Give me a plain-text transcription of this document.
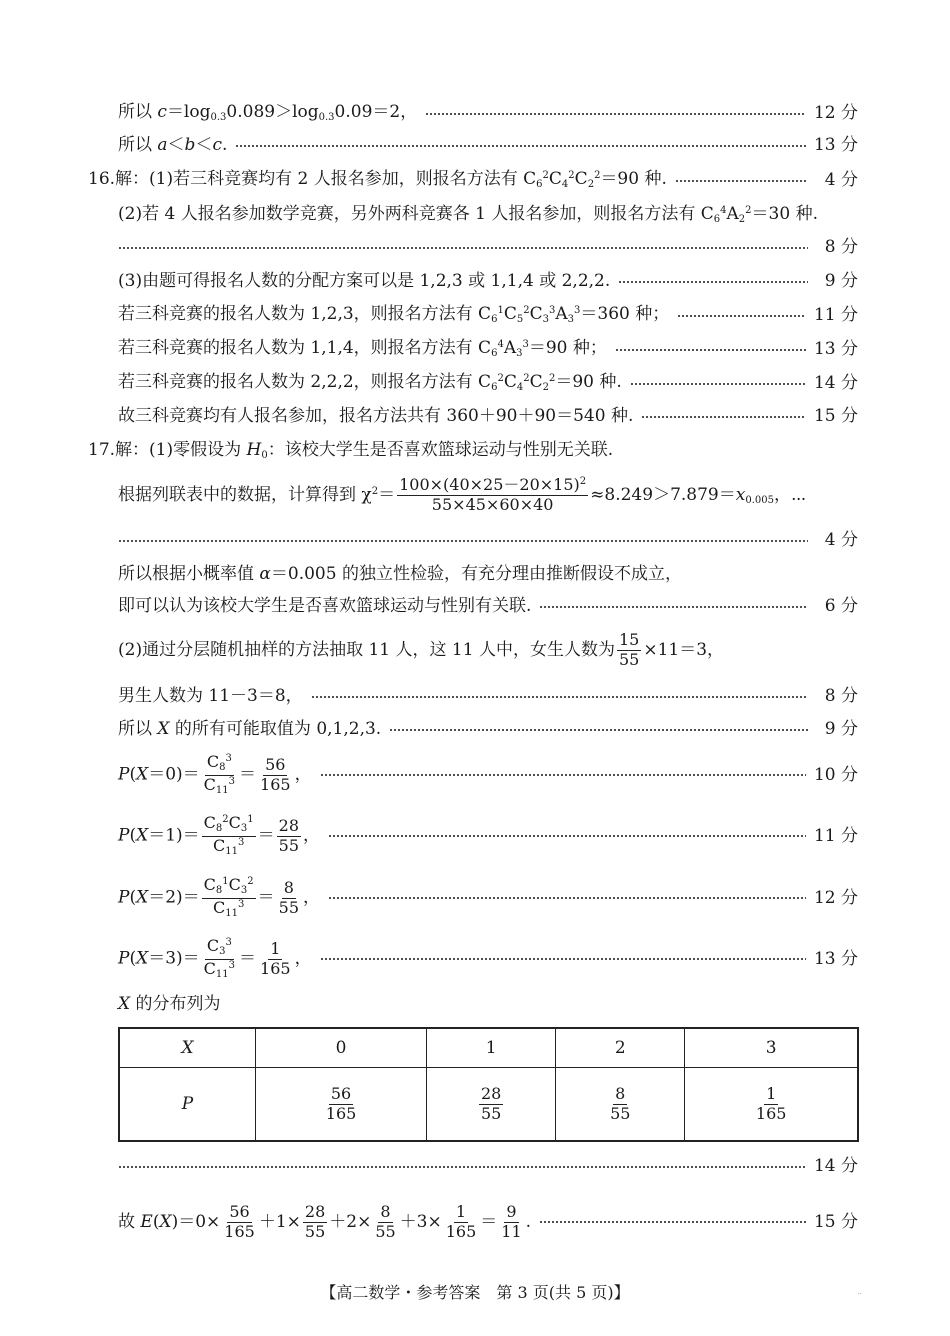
所以 $c=\log_{0.3}0.089>\log_{0.3}0.09=2$，	12 分
所以 a＜b＜c.	13 分
16.解：(1)若三科竞赛均有 2 人报名参加，则报名方法有 $C_6^2C_4^2C_2^2=90$ 种.	4 分
(2)若 4 人报名参加数学竞赛，另外两科竞赛各 1 人报名参加，则报名方法有 $C_6^4A_2^2=30$ 种.
8 分
(3)由题可得报名人数的分配方案可以是 1,2,3 或 1,1,4 或 2,2,2.	9 分
若三科竞赛的报名人数为 1,2,3，则报名方法有 $C_6^1C_5^2C_3^3A_3^3=360$ 种；	11 分
若三科竞赛的报名人数为 1,1,4，则报名方法有 $C_6^4A_3^3=90$ 种；	13 分
若三科竞赛的报名人数为 2,2,2，则报名方法有 $C_6^2C_4^2C_2^2=90$ 种.	14 分
故三科竞赛均有人报名参加，报名方法共有 360＋90＋90＝540 种.	15 分
17.解：(1)零假设为 $H_0$：该校大学生是否喜欢篮球运动与性别无关联.
根据列联表中的数据，计算得到 $\chi^2= \frac{100\times(40\times 25-20\times 15)^2}{55\times 45\times 60\times 40} \approx 8.249>7.879=x_{0.005}$，⋯
4 分
所以根据小概率值 α＝0.005 的独立性检验，有充分理由推断假设不成立，
即可以认为该校大学生是否喜欢篮球运动与性别有关联.	6 分
(2)通过分层随机抽样的方法抽取 11 人，这 11 人中，女生人数为 $\frac{15}{55} \times 11=3$，
男生人数为 11－3＝8，	8 分
所以 X 的所有可能取值为 0,1,2,3.	9 分
$P(X=0)= \frac{C_8^3}{C_{11}^3} = \frac{56}{165}$ ，	10 分
$P(X=1)= \frac{C_8^2C_3^1}{C_{11}^3} = \frac{28}{55}$ ，	11 分
$P(X=2)= \frac{C_8^1C_3^2}{C_{11}^3} = \frac{8}{55}$ ，	12 分
$P(X=3)= \frac{C_3^3}{C_{11}^3} = \frac{1}{165}$ ，	13 分
X 的分布列为
X	0	1	2	3
P	$\frac{56}{165}$	$\frac{28}{55}$	$\frac{8}{55}$	$\frac{1}{165}$
14 分
故 $E(X)=0\times \frac{56}{165} +1\times \frac{28}{55} +2\times \frac{8}{55} +3\times \frac{1}{165} = \frac{9}{11}$ .	15 分
【高二数学・参考答案　第 3 页(共 5 页)】	··
